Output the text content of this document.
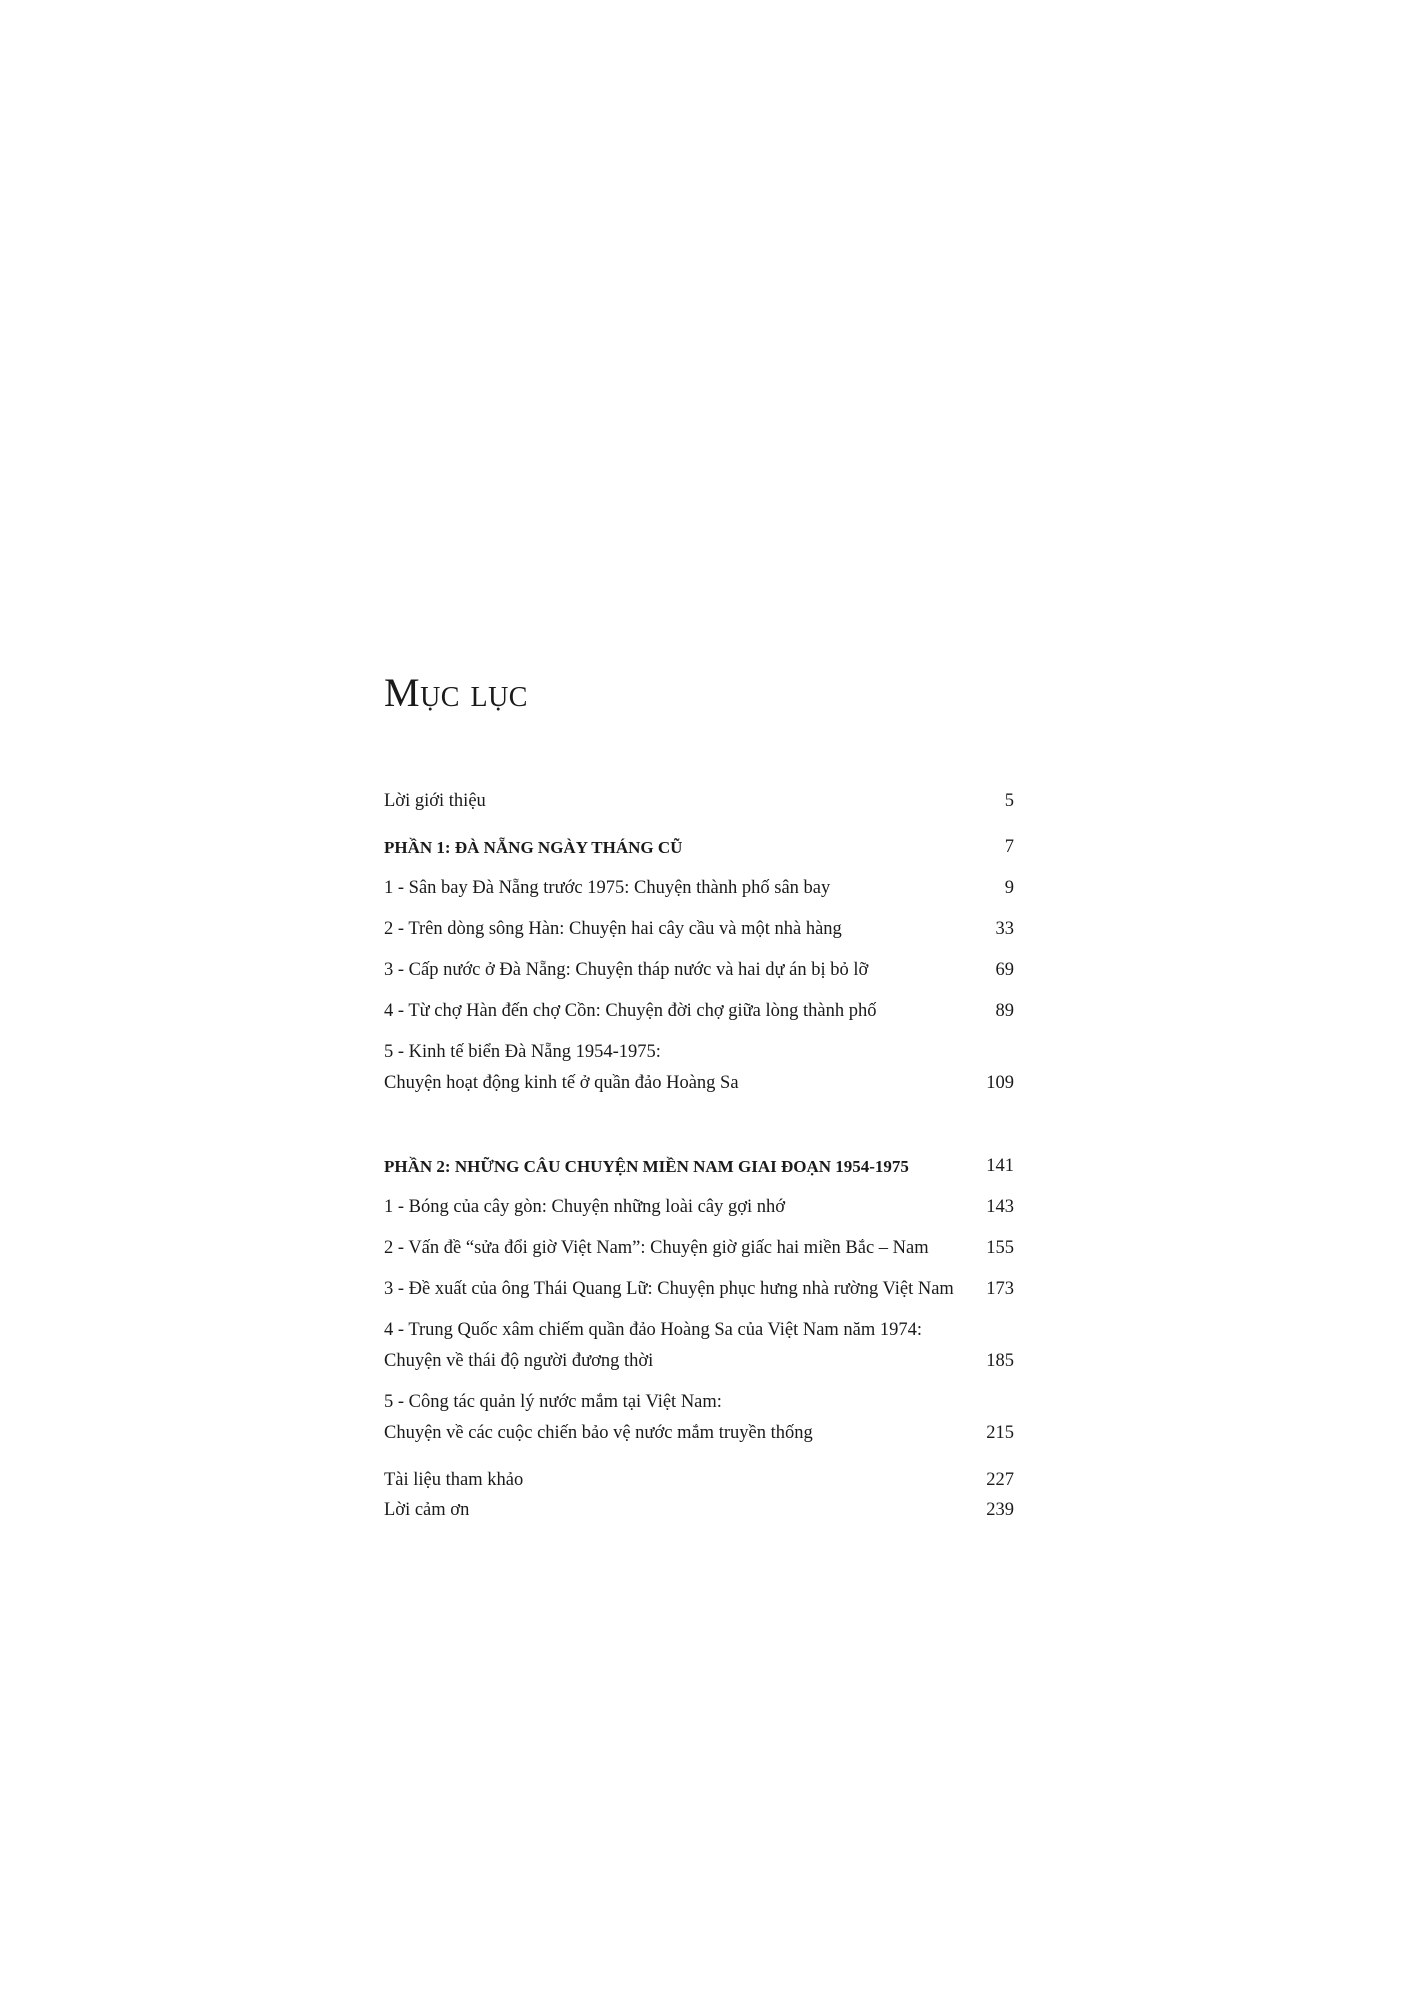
Mục lục
Lời giới thiệu	5
PHẦN 1: ĐÀ NẴNG NGÀY THÁNG CŨ	7
1 - Sân bay Đà Nẵng trước 1975: Chuyện thành phố sân bay	9
2 - Trên dòng sông Hàn: Chuyện hai cây cầu và một nhà hàng	33
3 - Cấp nước ở Đà Nẵng: Chuyện tháp nước và hai dự án bị bỏ lỡ	69
4 - Từ chợ Hàn đến chợ Cồn: Chuyện đời chợ giữa lòng thành phố	89
5 - Kinh tế biển Đà Nẵng 1954-1975:
Chuyện hoạt động kinh tế ở quần đảo Hoàng Sa	109
PHẦN 2: NHỮNG CÂU CHUYỆN MIỀN NAM GIAI ĐOẠN 1954-1975	141
1 - Bóng của cây gòn: Chuyện những loài cây gợi nhớ	143
2 - Vấn đề “sửa đổi giờ Việt Nam”: Chuyện giờ giấc hai miền Bắc – Nam	155
3 - Đề xuất của ông Thái Quang Lữ: Chuyện phục hưng nhà rường Việt Nam	173
4 - Trung Quốc xâm chiếm quần đảo Hoàng Sa của Việt Nam năm 1974:
Chuyện về thái độ người đương thời	185
5 - Công tác quản lý nước mắm tại Việt Nam:
Chuyện về các cuộc chiến bảo vệ nước mắm truyền thống	215
Tài liệu tham khảo	227
Lời cảm ơn	239
